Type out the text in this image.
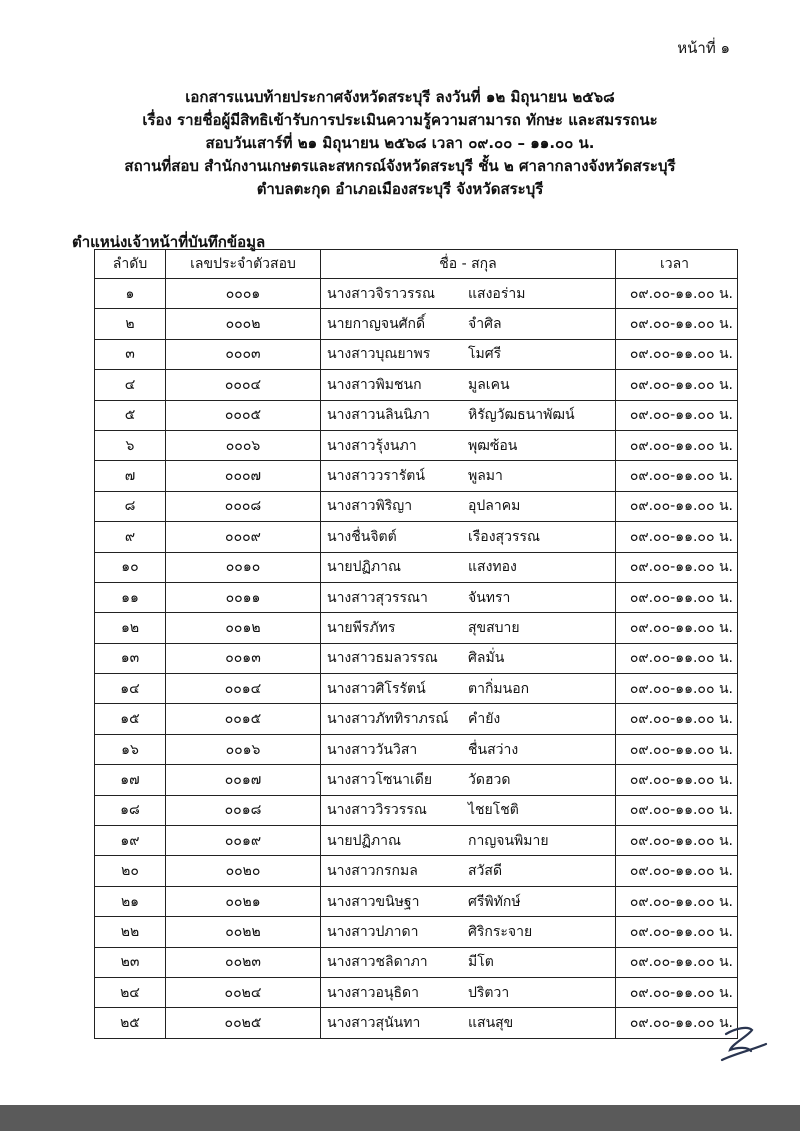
หน้าที่ ๑
เอกสารแนบท้ายประกาศจังหวัดสระบุรี ลงวันที่ ๑๒ มิถุนายน ๒๕๖๘
เรื่อง รายชื่อผู้มีสิทธิเข้ารับการประเมินความรู้ความสามารถ ทักษะ และสมรรถนะ
สอบวันเสาร์ที่ ๒๑ มิถุนายน ๒๕๖๘ เวลา ๐๙.๐๐ – ๑๑.๐๐ น.
สถานที่สอบ สำนักงานเกษตรและสหกรณ์จังหวัดสระบุรี ชั้น ๒ ศาลากลางจังหวัดสระบุรี
ตำบลตะกุด อำเภอเมืองสระบุรี จังหวัดสระบุรี
ตำแหน่งเจ้าหน้าที่บันทึกข้อมูล
ลำดับ	เลขประจำตัวสอบ	ชื่อ - สกุล		เวลา
๑	๐๐๐๑	นางสาวจิราวรรณ	แสงอร่าม	๐๙.๐๐-๑๑.๐๐ น.
๒	๐๐๐๒	นายกาญจนศักดิ์	จำศิล	๐๙.๐๐-๑๑.๐๐ น.
๓	๐๐๐๓	นางสาวบุณยาพร	โมศรี	๐๙.๐๐-๑๑.๐๐ น.
๔	๐๐๐๔	นางสาวพิมชนก	มูลเคน	๐๙.๐๐-๑๑.๐๐ น.
๕	๐๐๐๕	นางสาวนลินนิภา	หิรัญวัฒธนาพัฒน์	๐๙.๐๐-๑๑.๐๐ น.
๖	๐๐๐๖	นางสาวรุ้งนภา	พุฒซ้อน	๐๙.๐๐-๑๑.๐๐ น.
๗	๐๐๐๗	นางสาววรารัตน์	พูลมา	๐๙.๐๐-๑๑.๐๐ น.
๘	๐๐๐๘	นางสาวพิริญา	อุปลาคม	๐๙.๐๐-๑๑.๐๐ น.
๙	๐๐๐๙	นางชื่นจิตต์	เรืองสุวรรณ	๐๙.๐๐-๑๑.๐๐ น.
๑๐	๐๐๑๐	นายปฏิภาณ	แสงทอง	๐๙.๐๐-๑๑.๐๐ น.
๑๑	๐๐๑๑	นางสาวสุวรรณา	จันทรา	๐๙.๐๐-๑๑.๐๐ น.
๑๒	๐๐๑๒	นายพีรภัทร	สุขสบาย	๐๙.๐๐-๑๑.๐๐ น.
๑๓	๐๐๑๓	นางสาวธมลวรรณ	ศิลมั่น	๐๙.๐๐-๑๑.๐๐ น.
๑๔	๐๐๑๔	นางสาวศิโรรัตน์	ตากิ่มนอก	๐๙.๐๐-๑๑.๐๐ น.
๑๕	๐๐๑๕	นางสาวภัททิราภรณ์	คำยัง	๐๙.๐๐-๑๑.๐๐ น.
๑๖	๐๐๑๖	นางสาววันวิสา	ชื่นสว่าง	๐๙.๐๐-๑๑.๐๐ น.
๑๗	๐๐๑๗	นางสาวโซนาเดีย	วัดฮวด	๐๙.๐๐-๑๑.๐๐ น.
๑๘	๐๐๑๘	นางสาววิรวรรณ	ไชยโชติ	๐๙.๐๐-๑๑.๐๐ น.
๑๙	๐๐๑๙	นายปฏิภาณ	กาญจนพิมาย	๐๙.๐๐-๑๑.๐๐ น.
๒๐	๐๐๒๐	นางสาวกรกมล	สวัสดี	๐๙.๐๐-๑๑.๐๐ น.
๒๑	๐๐๒๑	นางสาวขนิษฐา	ศรีพิทักษ์	๐๙.๐๐-๑๑.๐๐ น.
๒๒	๐๐๒๒	นางสาวปภาดา	ศิริกระจาย	๐๙.๐๐-๑๑.๐๐ น.
๒๓	๐๐๒๓	นางสาวชลิดาภา	มีโต	๐๙.๐๐-๑๑.๐๐ น.
๒๔	๐๐๒๔	นางสาวอนุธิดา	ปริตวา	๐๙.๐๐-๑๑.๐๐ น.
๒๕	๐๐๒๕	นางสาวสุนันทา	แสนสุข	๐๙.๐๐-๑๑.๐๐ น.
